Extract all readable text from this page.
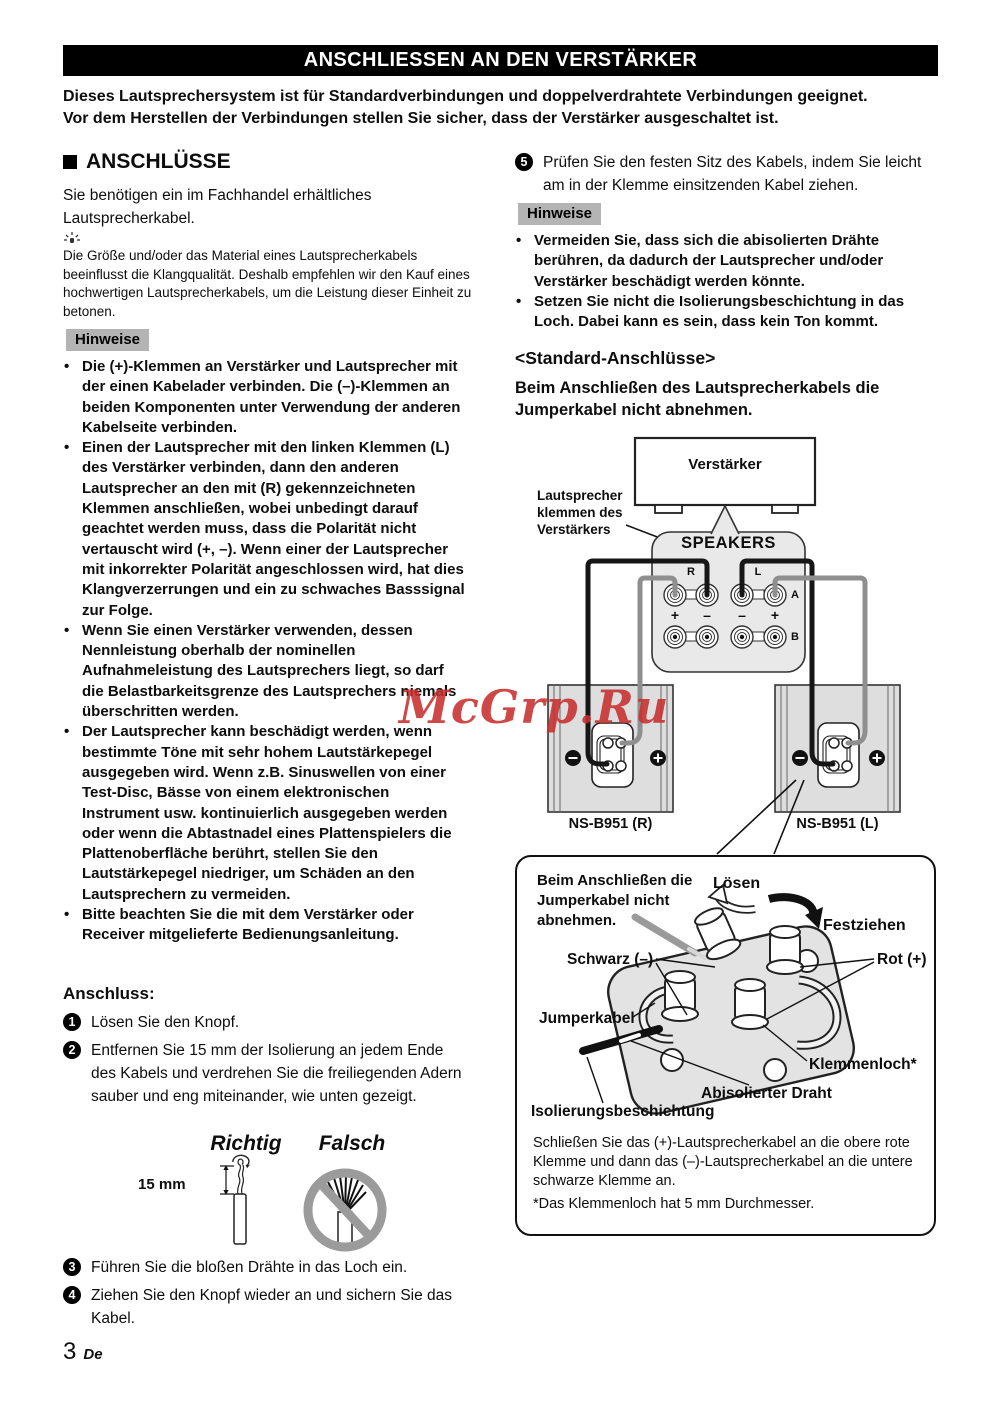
ANSCHLIESSEN AN DEN VERSTÄRKER
Dieses Lautsprechersystem ist für Standardverbindungen und doppelverdrahtete Verbindungen geeignet.
Vor dem Herstellen der Verbindungen stellen Sie sicher, dass der Verstärker ausgeschaltet ist.
ANSCHLÜSSE
Sie benötigen ein im Fachhandel erhältliches Lautsprecherkabel.
Die Größe und/oder das Material eines Lautsprecherkabels beeinflusst die Klangqualität. Deshalb empfehlen wir den Kauf eines hochwertigen Lautsprecherkabels, um die Leistung dieser Einheit zu betonen.
Hinweise
• Die (+)-Klemmen an Verstärker und Lautsprecher mit der einen Kabelader verbinden. Die (–)-Klemmen an beiden Komponenten unter Verwendung der anderen Kabelseite verbinden.
• Einen der Lautsprecher mit den linken Klemmen (L) des Verstärker verbinden, dann den anderen Lautsprecher an den mit (R) gekennzeichneten Klemmen anschließen, wobei unbedingt darauf geachtet werden muss, dass die Polarität nicht vertauscht wird (+, –). Wenn einer der Lautsprecher mit inkorrekter Polarität angeschlossen wird, hat dies Klangverzerrungen und ein zu schwaches Basssignal zur Folge.
• Wenn Sie einen Verstärker verwenden, dessen Nennleistung oberhalb der nominellen Aufnahmeleistung des Lautsprechers liegt, so darf die Belastbarkeitsgrenze des Lautsprechers niemals überschritten werden.
• Der Lautsprecher kann beschädigt werden, wenn bestimmte Töne mit sehr hohem Lautstärkepegel ausgegeben wird. Wenn z.B. Sinuswellen von einer Test-Disc, Bässe von einem elektronischen Instrument usw. kontinuierlich ausgegeben werden oder wenn die Abtastnadel eines Plattenspielers die Plattenoberfläche berührt, stellen Sie den Lautstärkepegel niedriger, um Schäden an den Lautsprechern zu vermeiden.
• Bitte beachten Sie die mit dem Verstärker oder Receiver mitgelieferte Bedienungsanleitung.
Anschluss:
1	Lösen Sie den Knopf.
2	Entfernen Sie 15 mm der Isolierung an jedem Ende des Kabels und verdrehen Sie die freiliegenden Adern sauber und eng miteinander, wie unten gezeigt.
Richtig	Falsch
15 mm
3	Führen Sie die bloßen Drähte in das Loch ein.
4	Ziehen Sie den Knopf wieder an und sichern Sie das Kabel.
3 De
5	Prüfen Sie den festen Sitz des Kabels, indem Sie leicht am in der Klemme einsitzenden Kabel ziehen.
Hinweise
• Vermeiden Sie, dass sich die abisolierten Drähte berühren, da dadurch der Lautsprecher und/oder Verstärker beschädigt werden könnte.
• Setzen Sie nicht die Isolierungsbeschichtung in das Loch. Dabei kann es sein, dass kein Ton kommt.
<Standard-Anschlüsse>
Beim Anschließen des Lautsprecherkabels die Jumperkabel nicht abnehmen.
Verstärker
Lautsprecher
klemmen des
Verstärkers
SPEAKERS
R	L
A
B
+ – – +
NS-B951 (R)	NS-B951 (L)
Beim Anschließen die Jumperkabel nicht abnehmen.
Lösen
Festziehen
Schwarz (–)	Rot (+)
Jumperkabel
Klemmenloch*
Abisolierter Draht
Isolierungsbeschichtung
Schließen Sie das (+)-Lautsprecherkabel an die obere rote Klemme und dann das (–)-Lautsprecherkabel an die untere schwarze Klemme an.
*Das Klemmenloch hat 5 mm Durchmesser.
McGrp.Ru
